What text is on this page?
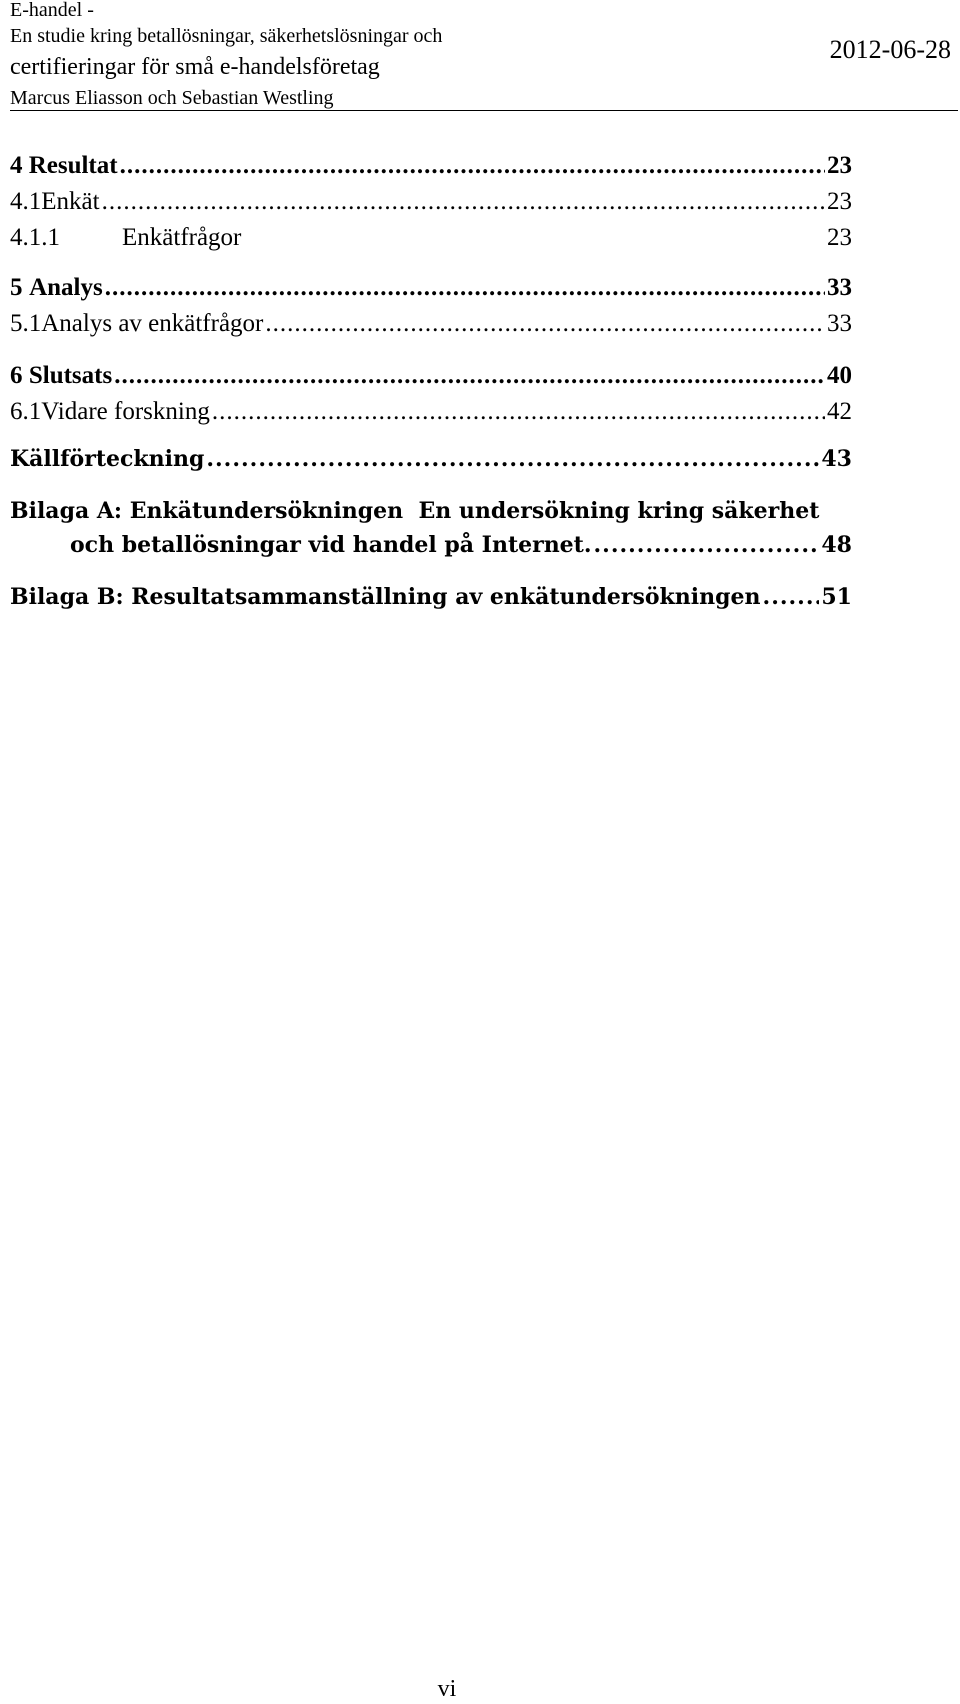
E-handel -
En studie kring betallösningar, säkerhetslösningar och
certifieringar för små e-handelsföretag
Marcus Eliasson och Sebastian Westling
2012-06-28
4 Resultat .....	23
4.1 Enkät .....	23
4.1.1	Enkätfrågor	23
5 Analys .....	33
5.1 Analys av enkätfrågor .....	33
6 Slutsats .....	40
6.1 Vidare forskning .....	42
Källförteckning .....	43
Bilaga A: Enkätundersökningen  En undersökning kring säkerhet
och betallösningar vid handel på Internet. .....	48
Bilaga B: Resultatsammanställning av enkätundersökningen .....	51
vi
